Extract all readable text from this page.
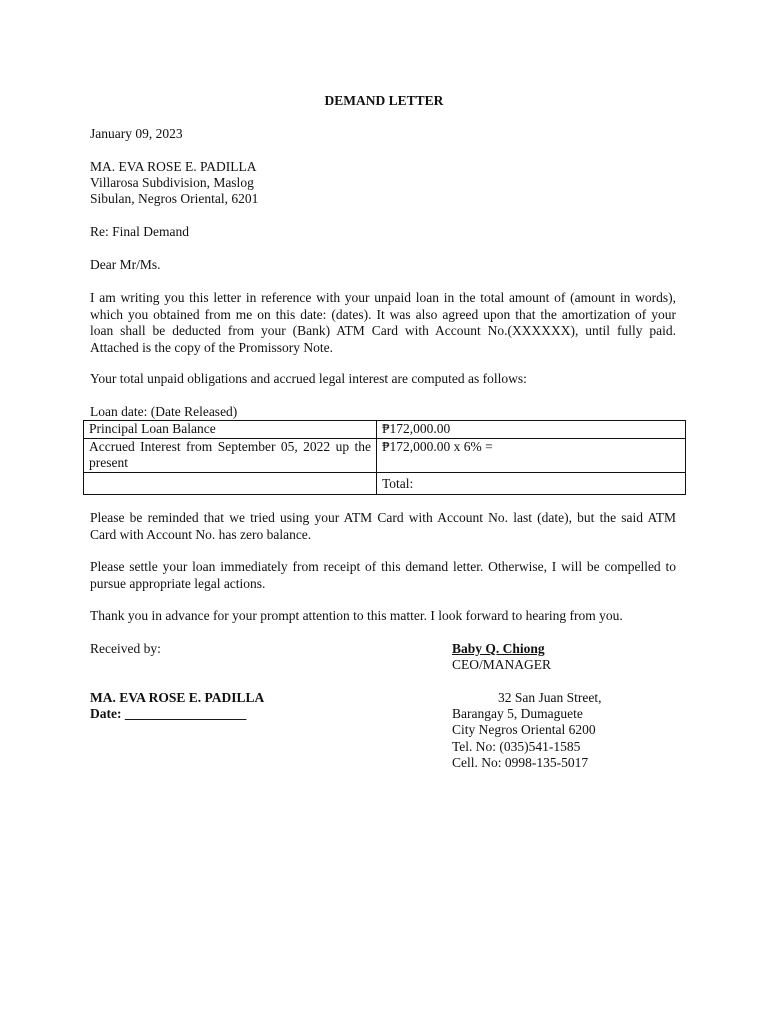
DEMAND LETTER
January 09, 2023
MA. EVA ROSE E. PADILLA
Villarosa Subdivision, Maslog
Sibulan, Negros Oriental, 6201
Re: Final Demand
Dear Mr/Ms.
I am writing you this letter in reference with your unpaid loan in the total amount of (amount in words),
which you obtained from me on this date: (dates). It was also agreed upon that the amortization of your
loan shall be deducted from your (Bank) ATM Card with Account No.(XXXXXX), until fully paid.
Attached is the copy of the Promissory Note.
Your total unpaid obligations and accrued legal interest are computed as follows:
Loan date: (Date Released)
Principal Loan Balance	₱172,000.00
Accrued Interest from September 05, 2022 up the present	₱172,000.00 x 6% =
	Total:
Please be reminded that we tried using your ATM Card with Account No. last (date), but the said ATM
Card with Account No. has zero balance.
Please settle your loan immediately from receipt of this demand letter. Otherwise, I will be compelled to
pursue appropriate legal actions.
Thank you in advance for your prompt attention to this matter. I look forward to hearing from you.
Received by:	Baby Q. Chiong
CEO/MANAGER
MA. EVA ROSE E. PADILLA
Date: __________________
32 San Juan Street,
Barangay 5, Dumaguete
City Negros Oriental 6200
Tel. No: (035)541-1585
Cell. No: 0998-135-5017
